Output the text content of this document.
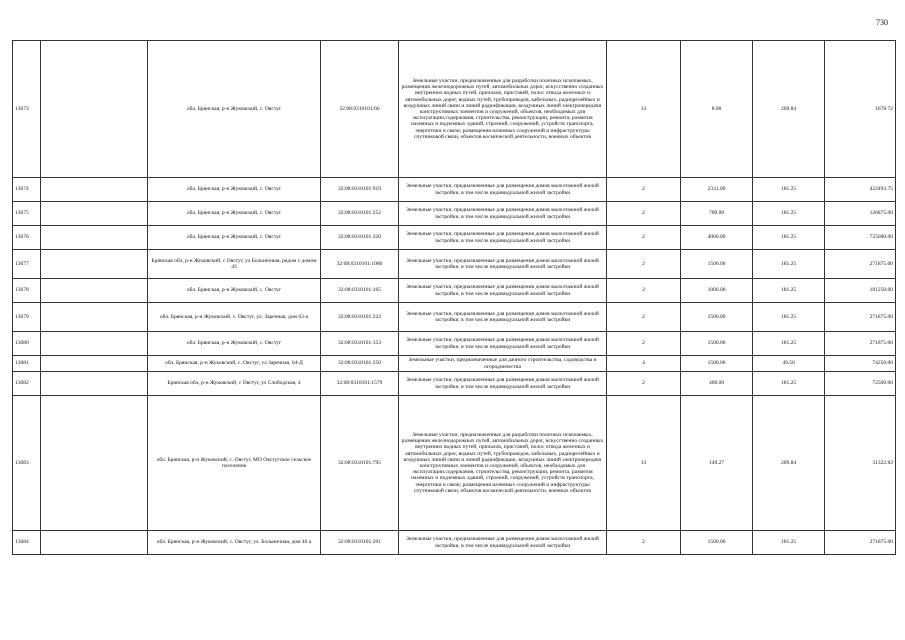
730
13673		обл. Брянская, р-н Жуковский, с. Овстуг	32:08:0310101:66	Земельные участки, предназначенные для разработки полезных ископаемых, размещения железнодорожных путей, автомобильных дорог, искусственно созданных внутренних водных путей, причалов, пристаней, полос отвода железных и автомобильных дорог, водных путей, трубопроводов, кабельных, радиорелейных и воздушных линий связи и линий радиофикации, воздушных линий электропередачи конструктивных элементов и сооружений, объектов, необходимых для эксплуатации,содержания, строительства, реконструкции, ремонта, развития наземных и подземных зданий, строений, сооружений, устройств транспорта, энергетики и связи; размещения наземных сооружений и инфраструктуры спутниковой связи, объектов космической деятельности, военных объектов	13	8.00	209.84	1678.72
13674		обл. Брянская, р-н Жуковский, с. Овстуг	32:08:0310101:919	Земельные участки, предназначенные для размещения домов малоэтажной жилой застройки, в том числе индивидуальной жилой застройки	2	2331.00	181.25	422493.75
13675		обл. Брянская, р-н Жуковский, с. Овстуг	32:08:0310101:252	Земельные участки, предназначенные для размещения домов малоэтажной жилой застройки, в том числе индивидуальной жилой застройки	2	700.00	181.25	126875.00
13676		обл. Брянская, р-н Жуковский, с. Овстуг	32:08:0310101:320	Земельные участки, предназначенные для размещения домов малоэтажной жилой застройки, в том числе индивидуальной жилой застройки	2	4000.00	181.25	725000.00
13677		Брянская обл, р-н Жуковский, с Овстуг, ул Больничная, рядом с домом 43	32:08:0310101:1080	Земельные участки, предназначенные для размещения домов малоэтажной жилой застройки, в том числе индивидуальной жилой застройки	2	1500.00	181.25	271875.00
13678		обл. Брянская, р-н Жуковский, с. Овстуг	32:08:0310101:165	Земельные участки, предназначенные для размещения домов малоэтажной жилой застройки, в том числе индивидуальной жилой застройки	2	1000.00	181.25	181250.00
13679		обл. Брянская, р-н Жуковский, с. Овстуг, ул. Заречная, дом 63-а	32:08:0310101:222	Земельные участки, предназначенные для размещения домов малоэтажной жилой застройки, в том числе индивидуальной жилой застройки	2	1500.00	181.25	271875.00
13680		обл. Брянская, р-н Жуковский, с. Овстуг	32:08:0310101:153	Земельные участки, предназначенные для размещения домов малоэтажной жилой застройки, в том числе индивидуальной жилой застройки	2	1500.00	181.25	271875.00
13681		обл. Брянская, р-н Жуковский, с. Овстуг, ул Заречная, 64-Д	32:08:0310101:250	Земельные участки, предназначенные для дачного строительства, садоводства и огородничества	4	1500.00	49.50	74250.00
13682		Брянская обл, р-н Жуковский, с Овстуг, ул Слободская, 4	32:08:0310101:1579	Земельные участки, предназначенные для размещения домов малоэтажной жилой застройки, в том числе индивидуальной жилой застройки	2	400.00	181.25	72500.00
13683		обл. Брянская, р-н Жуковский, с. Овстуг, МО Овстугское сельское поселение	32:08:0310101:795	Земельные участки, предназначенные для разработки полезных ископаемых, размещения железнодорожных путей, автомобильных дорог, искусственно созданных внутренних водных путей, причалов, пристаней, полос отвода железных и автомобильных дорог, водных путей, трубопроводов, кабельных, радиорелейных и воздушных линий связи и линий радиофикации, воздушных линий электропередачи конструктивных элементов и сооружений, объектов, необходимых для эксплуатации,содержания, строительства, реконструкции, ремонта, развития наземных и подземных зданий, строений, сооружений, устройств транспорта, энергетики и связи; размещения наземных сооружений и инфраструктуры спутниковой связи, объектов космической деятельности, военных объектов	13	149.27	209.84	31322.82
13684		обл. Брянская, р-н Жуковский, с. Овстуг, ул. Больничная, дом 46 а	32:08:0310101:201	Земельные участки, предназначенные для размещения домов малоэтажной жилой застройки, в том числе индивидуальной жилой застройки	2	1500.00	181.25	271875.00
